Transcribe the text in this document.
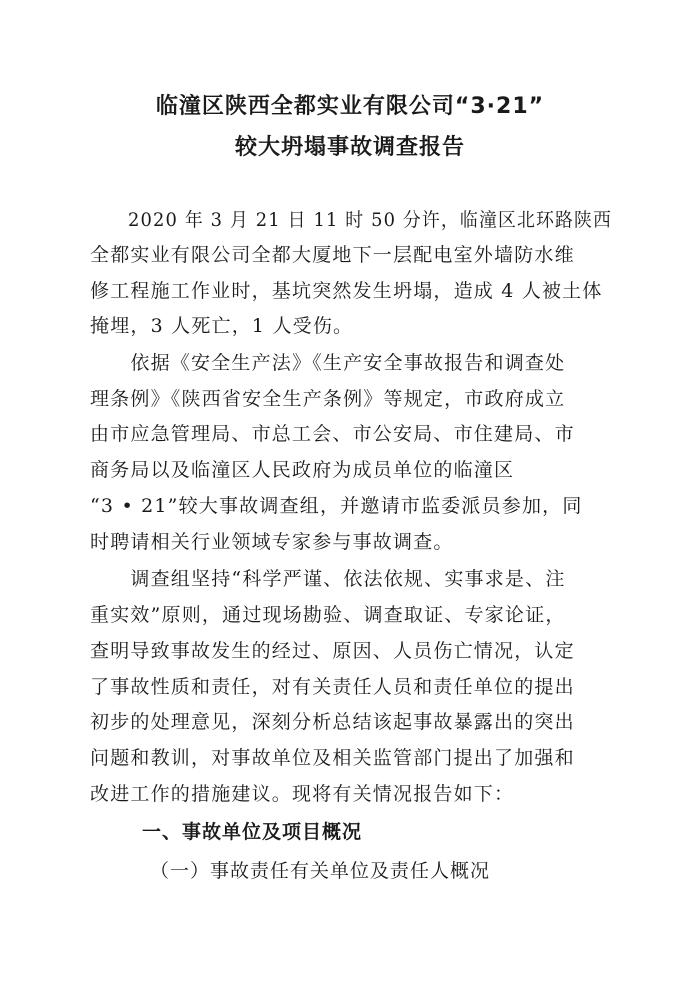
临潼区陕西全都实业有限公司“3·21”
较大坍塌事故调查报告
　　2020 年 3 月 21 日 11 时 50 分许，临潼区北环路陕西
全都实业有限公司全都大厦地下一层配电室外墙防水维
修工程施工作业时，基坑突然发生坍塌，造成 4 人被土体
掩埋，3 人死亡，1 人受伤。
　　依据《安全生产法》《生产安全事故报告和调查处
理条例》《陕西省安全生产条例》等规定，市政府成立
由市应急管理局、市总工会、市公安局、市住建局、市
商务局以及临潼区人民政府为成员单位的临潼区
“3 • 21”较大事故调查组，并邀请市监委派员参加，同
时聘请相关行业领域专家参与事故调查。
　　调查组坚持“科学严谨、依法依规、实事求是、注
重实效”原则，通过现场勘验、调查取证、专家论证，
查明导致事故发生的经过、原因、人员伤亡情况，认定
了事故性质和责任，对有关责任人员和责任单位的提出
初步的处理意见，深刻分析总结该起事故暴露出的突出
问题和教训，对事故单位及相关监管部门提出了加强和
改进工作的措施建议。现将有关情况报告如下：
一、事故单位及项目概况
（一）事故责任有关单位及责任人概况
